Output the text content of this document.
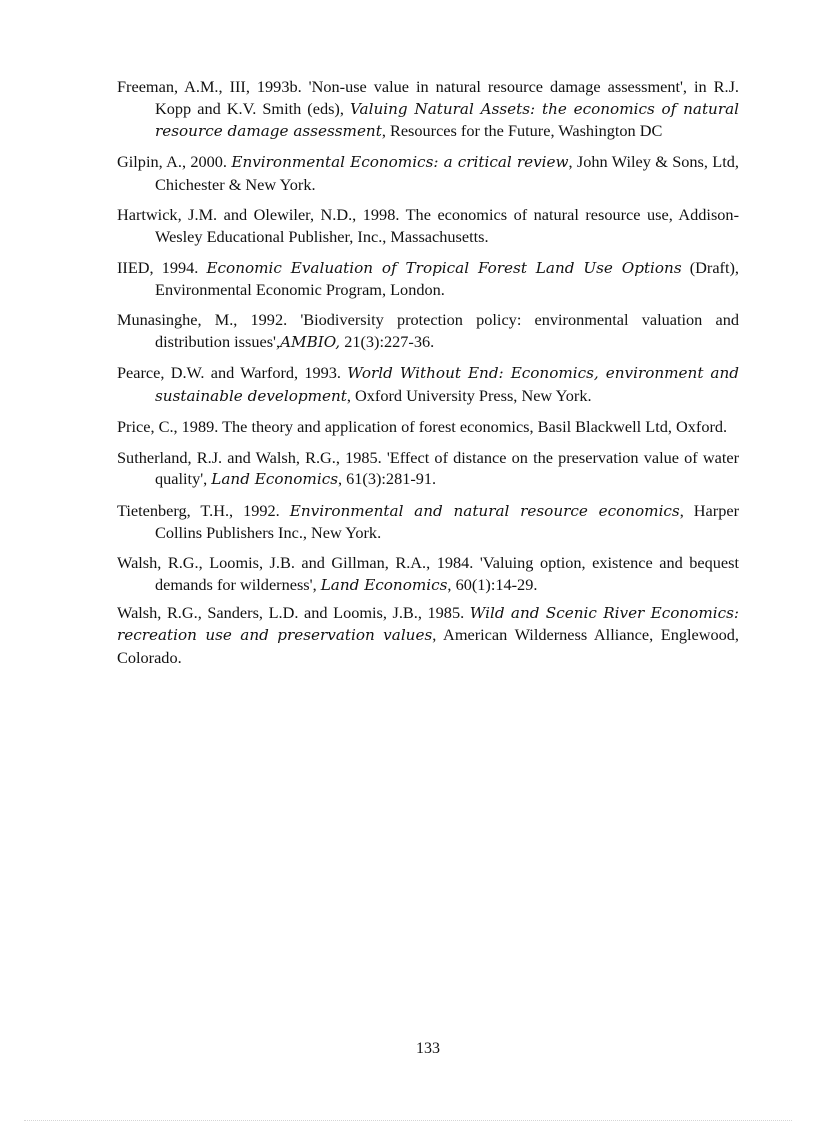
Freeman, A.M., III, 1993b. 'Non-use value in natural resource damage assessment', in R.J. Kopp and K.V. Smith (eds), Valuing Natural Assets: the economics of natural resource damage assessment, Resources for the Future, Washington DC

Gilpin, A., 2000. Environmental Economics: a critical review, John Wiley & Sons, Ltd, Chichester & New York.

Hartwick, J.M. and Olewiler, N.D., 1998. The economics of natural resource use, Addison-Wesley Educational Publisher, Inc., Massachusetts.

IIED, 1994. Economic Evaluation of Tropical Forest Land Use Options (Draft), Environmental Economic Program, London.

Munasinghe, M., 1992. 'Biodiversity protection policy: environmental valuation and distribution issues',AMBIO, 21(3):227-36.

Pearce, D.W. and Warford, 1993. World Without End: Economics, environment and sustainable development, Oxford University Press, New York.

Price, C., 1989. The theory and application of forest economics, Basil Blackwell Ltd, Oxford.

Sutherland, R.J. and Walsh, R.G., 1985. 'Effect of distance on the preservation value of water quality', Land Economics, 61(3):281-91.

Tietenberg, T.H., 1992. Environmental and natural resource economics, Harper Collins Publishers Inc., New York.

Walsh, R.G., Loomis, J.B. and Gillman, R.A., 1984. 'Valuing option, existence and bequest demands for wilderness', Land Economics, 60(1):14-29.

Walsh, R.G., Sanders, L.D. and Loomis, J.B., 1985. Wild and Scenic River Economics: recreation use and preservation values, American Wilderness Alliance, Englewood, Colorado.

133
